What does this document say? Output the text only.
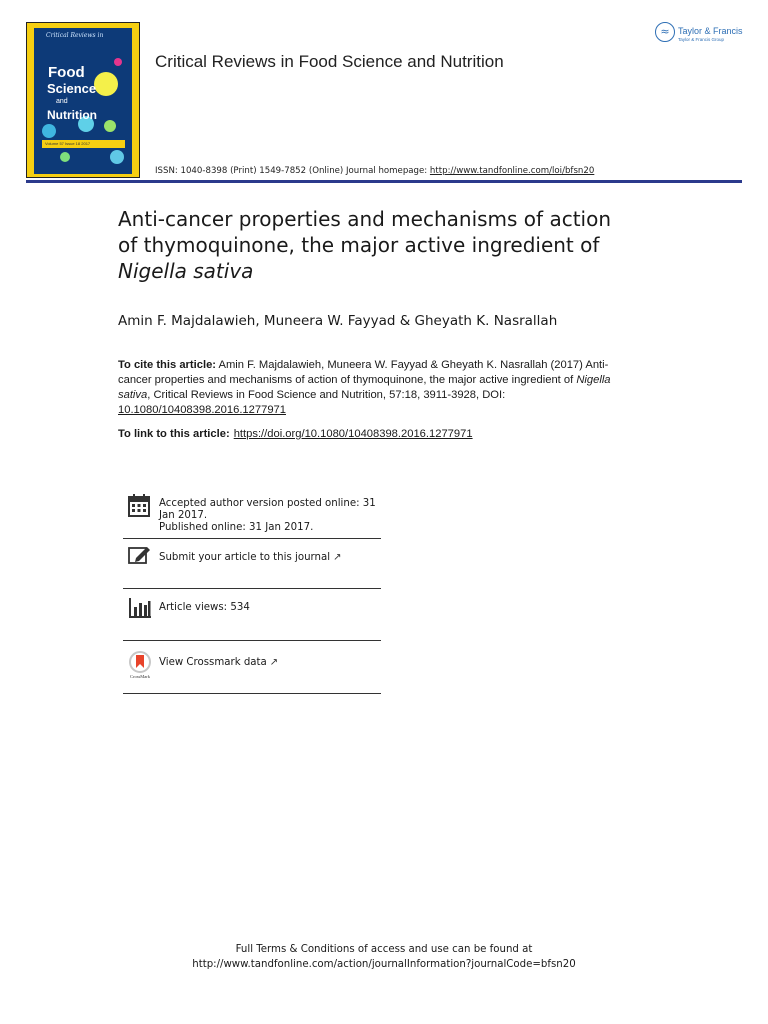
Critical Reviews in
Food
Science
and
Nutrition
Volume 57 Issue 18 2017
Critical Reviews in Food Science and Nutrition
ISSN: 1040-8398 (Print) 1549-7852 (Online) Journal homepage: http://www.tandfonline.com/loi/bfsn20
≈ Taylor & Francis
Taylor & Francis Group
Anti-cancer properties and mechanisms of action
of thymoquinone, the major active ingredient of
Nigella sativa
Amin F. Majdalawieh, Muneera W. Fayyad & Gheyath K. Nasrallah
To cite this article: Amin F. Majdalawieh, Muneera W. Fayyad & Gheyath K. Nasrallah (2017) Anti-cancer properties and mechanisms of action of thymoquinone, the major active ingredient of Nigella sativa, Critical Reviews in Food Science and Nutrition, 57:18, 3911-3928, DOI: 10.1080/10408398.2016.1277971
To link to this article: https://doi.org/10.1080/10408398.2016.1277971
Accepted author version posted online: 31 Jan 2017.
Published online: 31 Jan 2017.
Submit your article to this journal ↗
Article views: 534
CrossMark
View Crossmark data ↗
Full Terms & Conditions of access and use can be found at
http://www.tandfonline.com/action/journalInformation?journalCode=bfsn20
